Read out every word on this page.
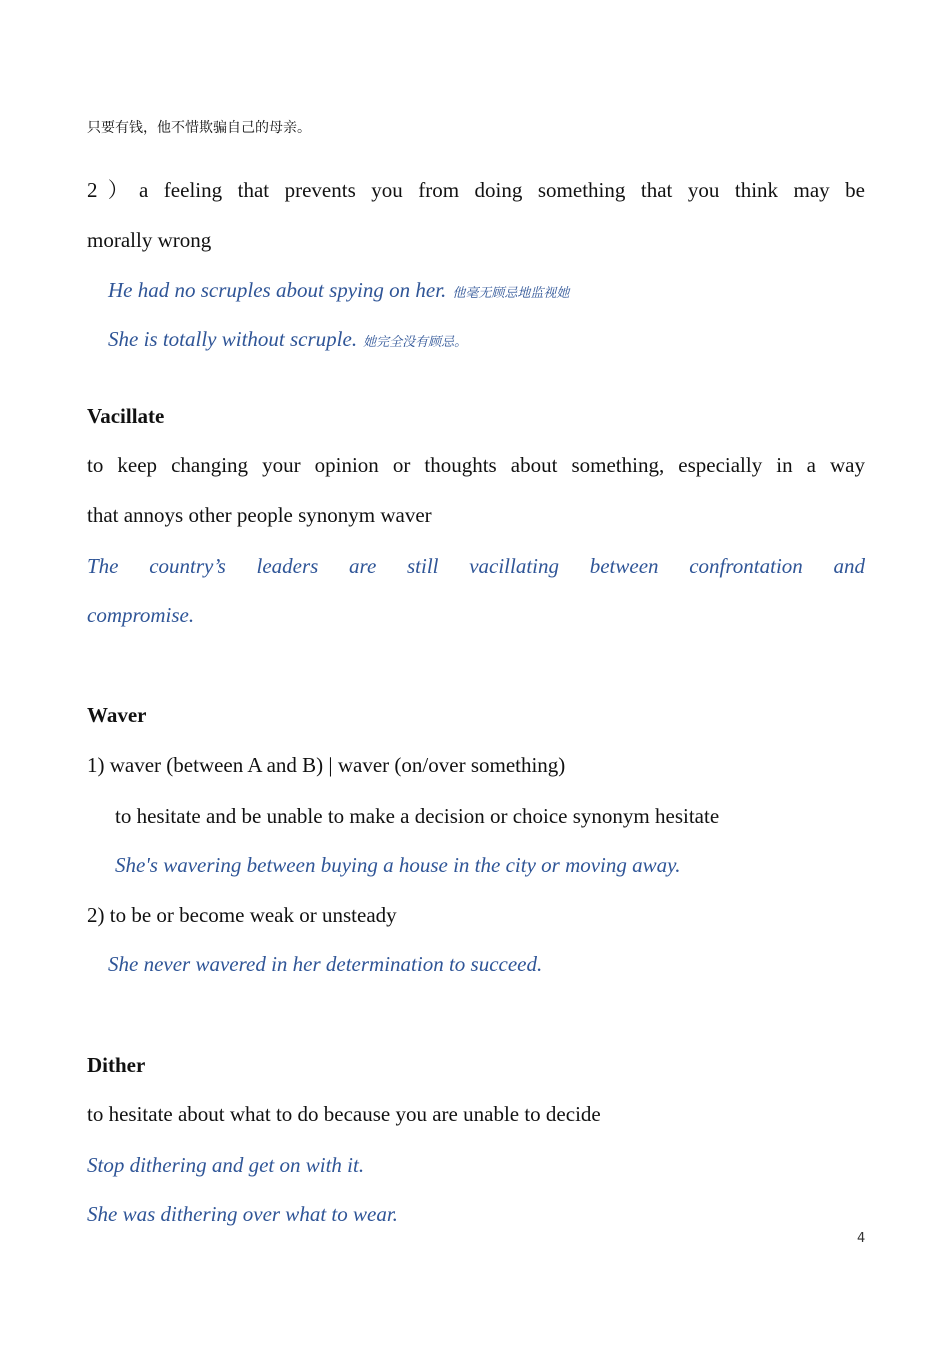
只要有钱，他不惜欺骗自己的母亲。
2）a feeling that prevents you from doing something that you think may be
morally wrong
He had no scruples about spying on her. 他毫无顾忌地监视她
She is totally without scruple. 她完全没有顾忌。
Vacillate
to keep changing your opinion or thoughts about something, especially in a way
that annoys other people synonym waver
The country’s leaders are still vacillating between confrontation and
compromise.
Waver
1) waver (between A and B) | waver (on/over something)
to hesitate and be unable to make a decision or choice synonym hesitate
She's wavering between buying a house in the city or moving away.
2) to be or become weak or unsteady
She never wavered in her determination to succeed.
Dither
to hesitate about what to do because you are unable to decide
Stop dithering and get on with it.
She was dithering over what to wear.
4
